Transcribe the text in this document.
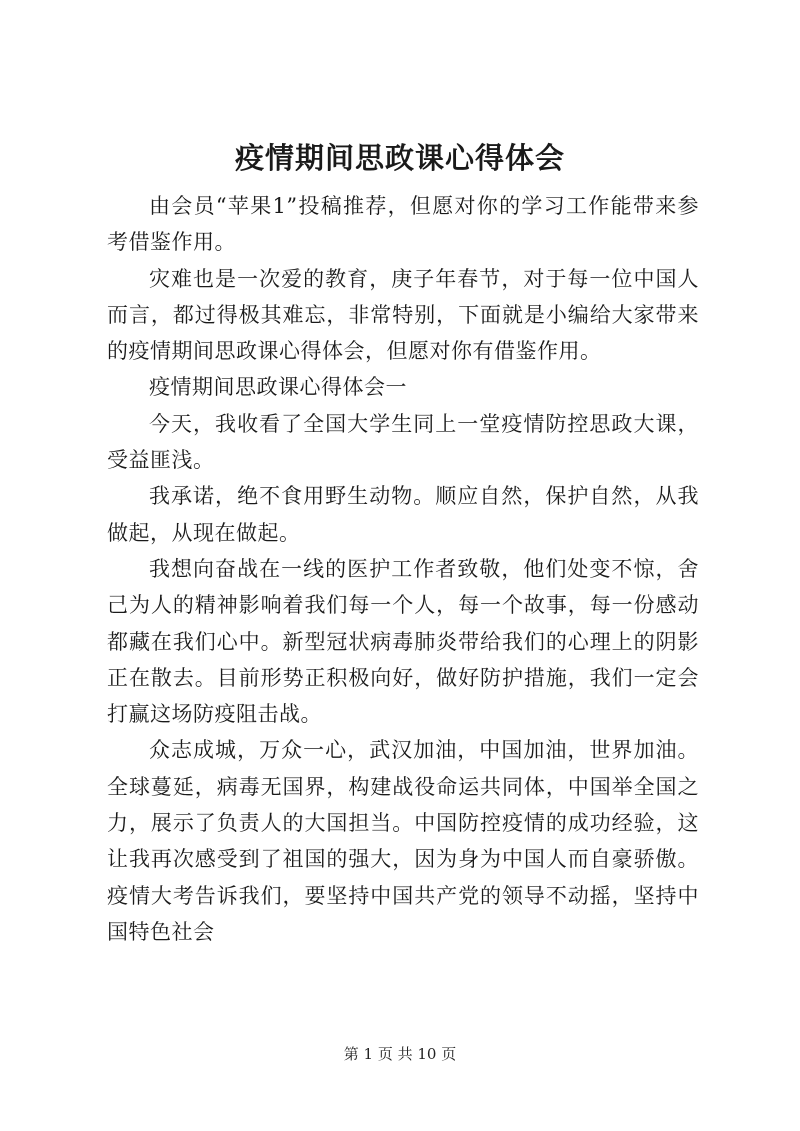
疫情期间思政课心得体会

由会员“苹果1”投稿推荐，但愿对你的学习工作能带来参考借鉴作用。

灾难也是一次爱的教育，庚子年春节，对于每一位中国人而言，都过得极其难忘，非常特别，下面就是小编给大家带来的疫情期间思政课心得体会，但愿对你有借鉴作用。

疫情期间思政课心得体会一

今天，我收看了全国大学生同上一堂疫情防控思政大课，受益匪浅。

我承诺，绝不食用野生动物。顺应自然，保护自然，从我做起，从现在做起。

我想向奋战在一线的医护工作者致敬，他们处变不惊，舍己为人的精神影响着我们每一个人，每一个故事，每一份感动都藏在我们心中。新型冠状病毒肺炎带给我们的心理上的阴影正在散去。目前形势正积极向好，做好防护措施，我们一定会打赢这场防疫阻击战。

众志成城，万众一心，武汉加油，中国加油，世界加油。全球蔓延，病毒无国界，构建战役命运共同体，中国举全国之力，展示了负责人的大国担当。中国防控疫情的成功经验，这让我再次感受到了祖国的强大，因为身为中国人而自豪骄傲。疫情大考告诉我们，要坚持中国共产党的领导不动摇，坚持中国特色社会

第 1 页 共 10 页
